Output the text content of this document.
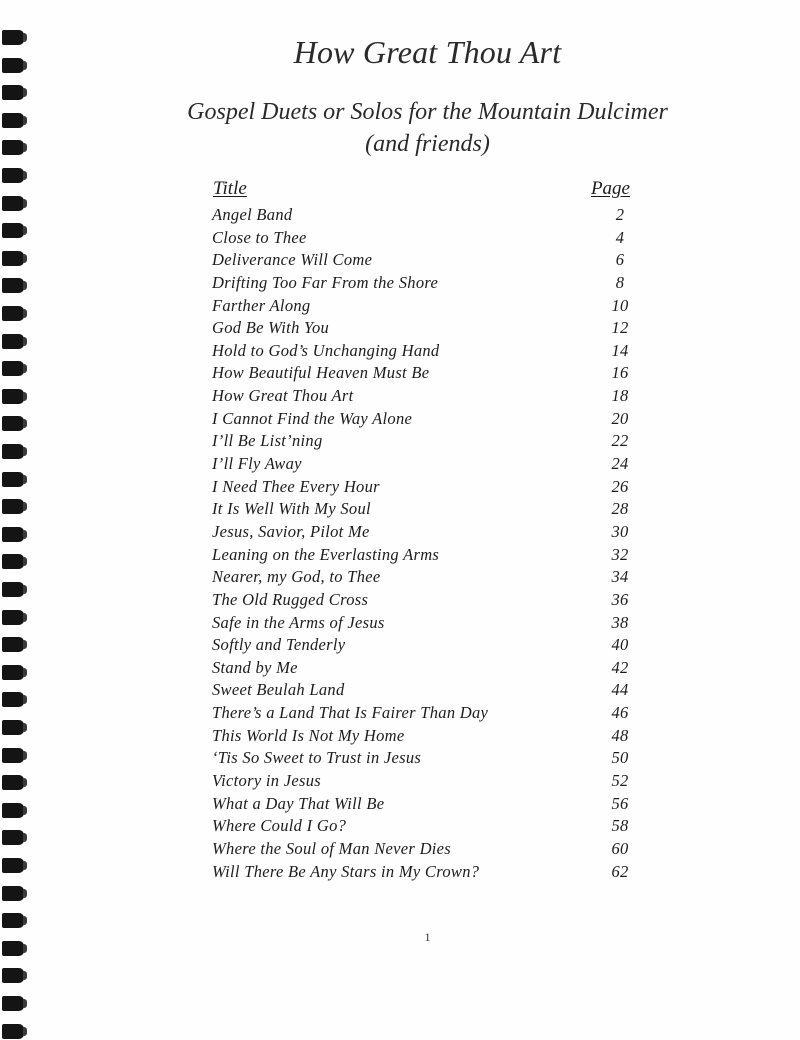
How Great Thou Art
Gospel Duets or Solos for the Mountain Dulcimer
(and friends)
Title	Page
Angel Band	2
Close to Thee	4
Deliverance Will Come	6
Drifting Too Far From the Shore	8
Farther Along	10
God Be With You	12
Hold to God’s Unchanging Hand	14
How Beautiful Heaven Must Be	16
How Great Thou Art	18
I Cannot Find the Way Alone	20
I’ll Be List’ning	22
I’ll Fly Away	24
I Need Thee Every Hour	26
It Is Well With My Soul	28
Jesus, Savior, Pilot Me	30
Leaning on the Everlasting Arms	32
Nearer, my God, to Thee	34
The Old Rugged Cross	36
Safe in the Arms of Jesus	38
Softly and Tenderly	40
Stand by Me	42
Sweet Beulah Land	44
There’s a Land That Is Fairer Than Day	46
This World Is Not My Home	48
‘Tis So Sweet to Trust in Jesus	50
Victory in Jesus	52
What a Day That Will Be	56
Where Could I Go?	58
Where the Soul of Man Never Dies	60
Will There Be Any Stars in My Crown?	62
1
